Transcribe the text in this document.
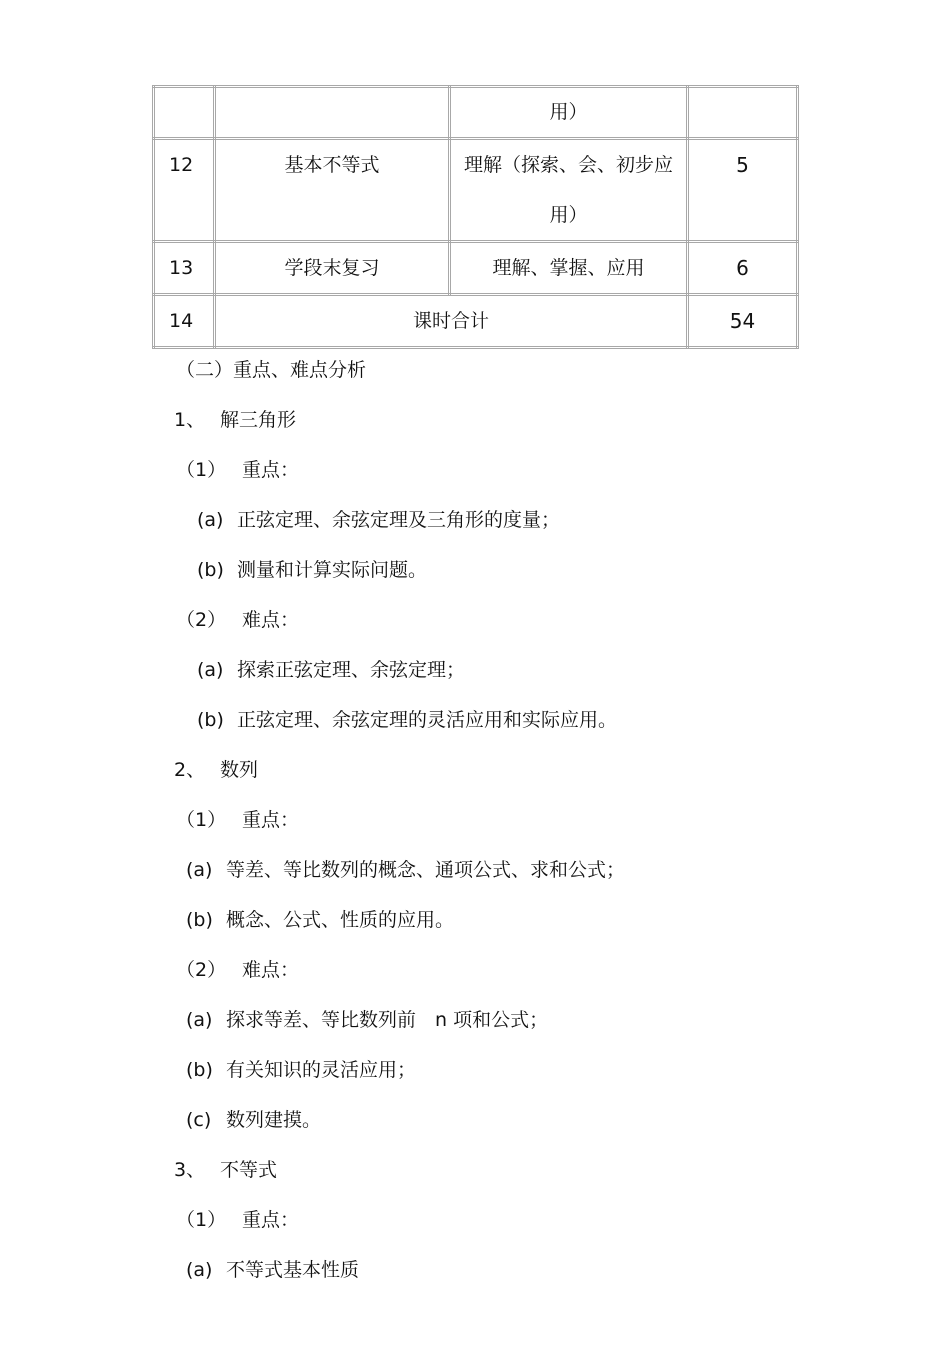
		用）	
12	基本不等式	理解（探索、会、初步应用）	5
13	学段末复习	理解、掌握、应用	6
14	课时合计		54
（二）重点、难点分析
1、 解三角形
（1） 重点：
(a) 正弦定理、余弦定理及三角形的度量；
(b) 测量和计算实际问题。
（2） 难点：
(a) 探索正弦定理、余弦定理；
(b) 正弦定理、余弦定理的灵活应用和实际应用。
2、 数列
（1） 重点：
(a) 等差、等比数列的概念、通项公式、求和公式；
(b) 概念、公式、性质的应用。
（2） 难点：
(a) 探求等差、等比数列前　n 项和公式；
(b) 有关知识的灵活应用；
(c) 数列建摸。
3、 不等式
（1） 重点：
(a) 不等式基本性质
